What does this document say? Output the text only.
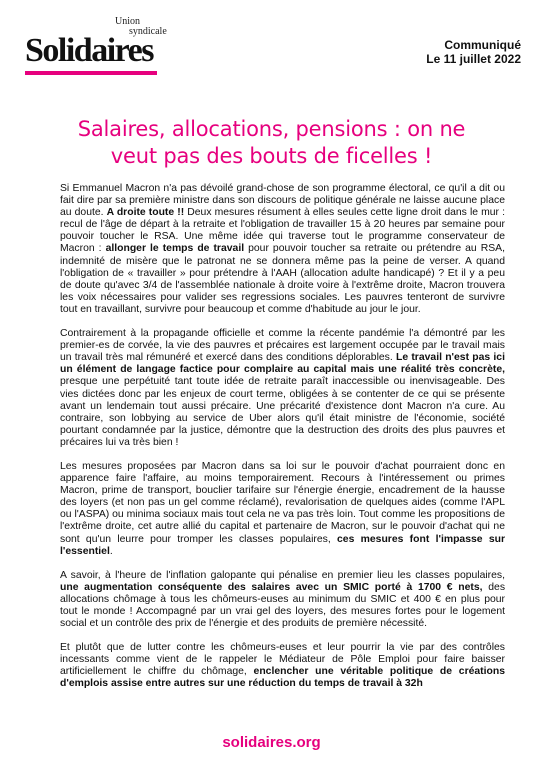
Union
syndicale
Solidaires	Communiqué
Le 11 juillet 2022
Salaires, allocations, pensions : on ne veut pas des bouts de ficelles !

Si Emmanuel Macron n'a pas dévoilé grand-chose de son programme électoral, ce qu'il a dit ou fait dire par sa première ministre dans son discours de politique générale ne laisse aucune place au doute. A droite toute !! Deux mesures résument à elles seules cette ligne droit dans le mur : recul de l'âge de départ à la retraite et l'obligation de travailler 15 à 20 heures par semaine pour pouvoir toucher le RSA. Une même idée qui traverse tout le programme conservateur de Macron : allonger le temps de travail pour pouvoir toucher sa retraite ou prétendre au RSA, indemnité de misère que le patronat ne se donnera même pas la peine de verser. A quand l'obligation de « travailler » pour prétendre à l'AAH (allocation adulte handicapé) ? Et il y a peu de doute qu'avec 3/4 de l'assemblée nationale à droite voire à l'extrême droite, Macron trouvera les voix nécessaires pour valider ses regressions sociales. Les pauvres tenteront de survivre tout en travaillant, survivre pour beaucoup et comme d'habitude au jour le jour.

Contrairement à la propagande officielle et comme la récente pandémie l'a démontré par les premier-es de corvée, la vie des pauvres et précaires est largement occupée par le travail mais un travail très mal rémunéré et exercé dans des conditions déplorables. Le travail n'est pas ici un élément de langage factice pour complaire au capital mais une réalité très concrète, presque une perpétuité tant toute idée de retraite paraît inaccessible ou inenvisageable. Des vies dictées donc par les enjeux de court terme, obligées à se contenter de ce qui se présente avant un lendemain tout aussi précaire. Une précarité d'existence dont Macron n'a cure. Au contraire, son lobbying au service de Uber alors qu'il était ministre de l'économie, société pourtant condamnée par la justice, démontre que la destruction des droits des plus pauvres et précaires lui va très bien !

Les mesures proposées par Macron dans sa loi sur le pouvoir d'achat pourraient donc en apparence faire l'affaire, au moins temporairement. Recours à l'intéressement ou primes Macron, prime de transport, bouclier tarifaire sur l'énergie énergie, encadrement de la hausse des loyers (et non pas un gel comme réclamé), revalorisation de quelques aides (comme l'APL ou l'ASPA) ou minima sociaux mais tout cela ne va pas très loin. Tout comme les propositions de l'extrême droite, cet autre allié du capital et partenaire de Macron, sur le pouvoir d'achat qui ne sont qu'un leurre pour tromper les classes populaires, ces mesures font l'impasse sur l'essentiel.

A savoir, à l'heure de l'inflation galopante qui pénalise en premier lieu les classes populaires, une augmentation conséquente des salaires avec un SMIC porté à 1700 € nets, des allocations chômage à tous les chômeurs-euses au minimum du SMIC et 400 € en plus pour tout le monde ! Accompagné par un vrai gel des loyers, des mesures fortes pour le logement social et un contrôle des prix de l'énergie et des produits de première nécessité.

Et plutôt que de lutter contre les chômeurs-euses et leur pourrir la vie par des contrôles incessants comme vient de le rappeler le Médiateur de Pôle Emploi pour faire baisser artificiellement le chiffre du chômage, enclencher une véritable politique de créations d'emplois assise entre autres sur une réduction du temps de travail à 32h

solidaires.org
